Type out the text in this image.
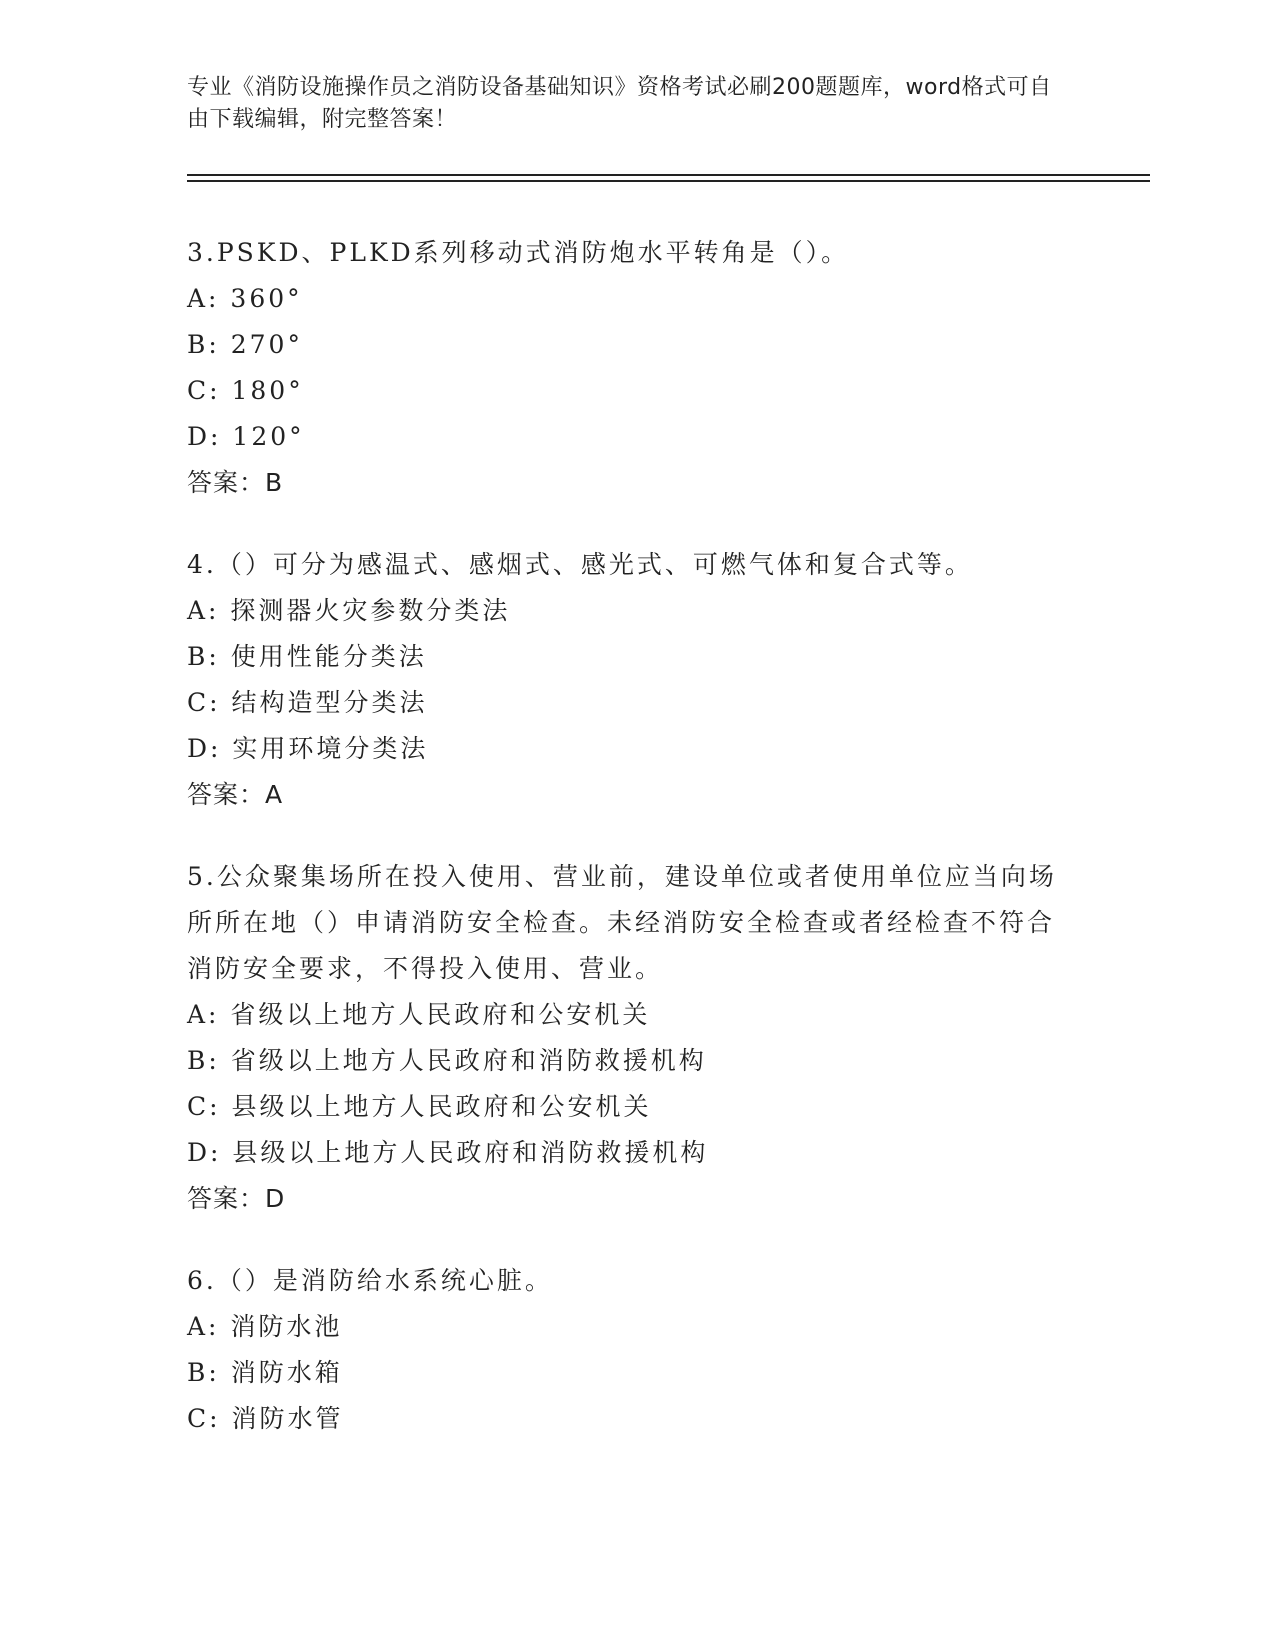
专业《消防设施操作员之消防设备基础知识》资格考试必刷200题题库，word格式可自由下载编辑，附完整答案！

3.PSKD、PLKD系列移动式消防炮水平转角是（）。

A: 360°

B: 270°

C: 180°

D: 120°

答案：B

4.（）可分为感温式、感烟式、感光式、可燃气体和复合式等。

A: 探测器火灾参数分类法

B: 使用性能分类法

C: 结构造型分类法

D: 实用环境分类法

答案：A

5.公众聚集场所在投入使用、营业前，建设单位或者使用单位应当向场所所在地（）申请消防安全检查。未经消防安全检查或者经检查不符合消防安全要求，不得投入使用、营业。

A: 省级以上地方人民政府和公安机关

B: 省级以上地方人民政府和消防救援机构

C: 县级以上地方人民政府和公安机关

D: 县级以上地方人民政府和消防救援机构

答案：D

6.（）是消防给水系统心脏。

A: 消防水池

B: 消防水箱

C: 消防水管
